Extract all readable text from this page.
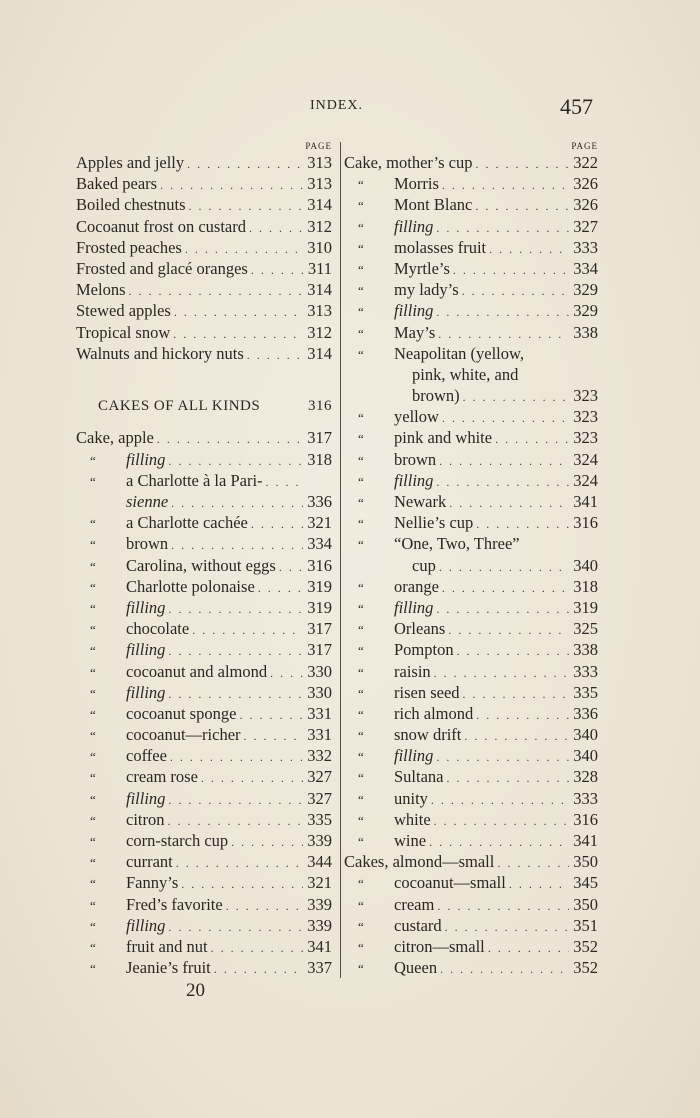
INDEX.	457
PAGE
Apples and jelly . . .	313
Baked pears . . .	313
Boiled chestnuts . . .	314
Cocoanut frost on custard . . .	312
Frosted peaches . . .	310
Frosted and glacé oranges . . .	311
Melons . . .	314
Stewed apples . . .	313
Tropical snow . . .	312
Walnuts and hickory nuts . . .	314
CAKES OF ALL KINDS	316
Cake, apple . . .	317
“	filling . . .	318
“	a Charlotte à la Pari-
. . .
sienne . . .	336
“	a Charlotte cachée . . .	321
“	brown . . .	334
“	Carolina, without eggs . . . 316
“	Charlotte polonaise . . .	319
“	filling . . .	319
“	chocolate . . .	317
“	filling . . .	317
“	cocoanut and almond . . . 330
“	filling . . .	330
“	cocoanut sponge . . .	331
“	cocoanut—richer . . .	331
“	coffee . . .	332
“	cream rose . . .	327
“	filling . . .	327
“	citron . . .	335
“	corn-starch cup . . .	339
“	currant . . .	344
“	Fanny’s . . .	321
“	Fred’s favorite . . .	339
“	filling . . .	339
“	fruit and nut . . .	341
“	Jeanie’s fruit . . .	337
PAGE
Cake, mother’s cup . . .	322
“	Morris . . .	326
“	Mont Blanc . . .	326
“	filling . . .	327
“	molasses fruit . . .	333
“	Myrtle’s . . .	334
“	my lady’s . . .	329
“	filling . . .	329
“	May’s . . .	338
“	Neapolitan (yellow,
pink, white, and
brown) . . .	323
“	yellow . . .	323
“	pink and white . . .	323
“	brown . . .	324
“	filling . . .	324
“	Newark . . .	341
“	Nellie’s cup . . .	316
“	“One, Two, Three”
cup . . .	340
“	orange . . .	318
“	filling . . .	319
“	Orleans . . .	325
“	Pompton . . .	338
“	raisin . . .	333
“	risen seed . . .	335
“	rich almond . . .	336
“	snow drift . . .	340
“	filling . . .	340
“	Sultana . . .	328
“	unity . . .	333
“	white . . .	316
“	wine . . .	341
Cakes, almond—small . . .	350
“	cocoanut—small . . .	345
“	cream . . .	350
“	custard . . .	351
“	citron—small . . .	352
“	Queen . . .	352
20
